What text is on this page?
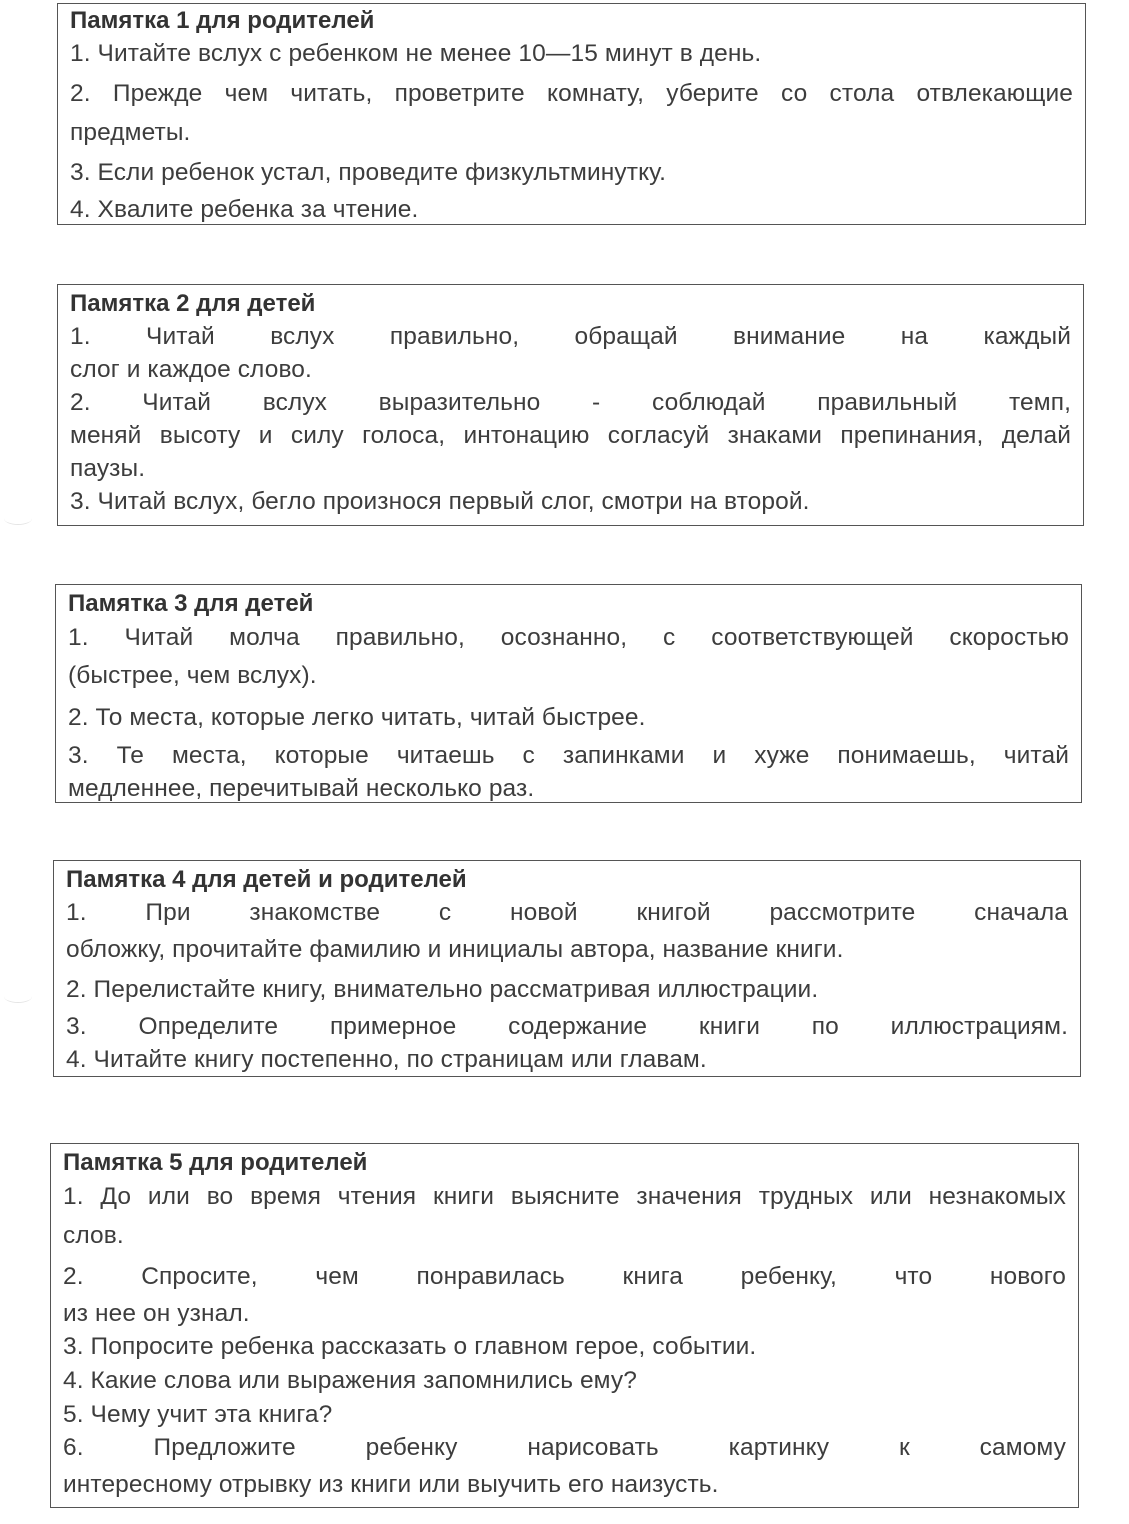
Памятка 1 для родителей

1. Читайте вслух с ребенком не менее 10—15 минут в день.

2. Прежде чем читать, проветрите комнату, уберите со стола отвлекающие

предметы.

3. Если ребенок устал, проведите физкультминутку.

4. Хвалите ребенка за чтение.

Памятка 2 для детей

1. Читай вслух правильно, обращай внимание на каждый

слог и каждое слово.

2. Читай вслух выразительно - соблюдай правильный темп,

меняй высоту и силу голоса, интонацию согласуй знаками препинания, делай

паузы.

3. Читай вслух, бегло произнося первый слог, смотри на второй.

Памятка 3 для детей

1. Читай молча правильно, осознанно, с соответствующей скоростью

(быстрее, чем вслух).

2. То места, которые легко читать, читай быстрее.

3. Те места, которые читаешь с запинками и хуже понимаешь, читай

медленнее, перечитывай несколько раз.

Памятка 4 для детей и родителей

1. При знакомстве с новой книгой рассмотрите сначала

обложку, прочитайте фамилию и инициалы автора, название книги.

2. Перелистайте книгу, внимательно рассматривая иллюстрации.

3. Определите примерное содержание книги по иллюстрациям.

4. Читайте книгу постепенно, по страницам или главам.

Памятка 5 для родителей

1. До или во время чтения книги выясните значения трудных или незнакомых

слов.

2. Спросите, чем понравилась книга ребенку, что нового

из нее он узнал.

3. Попросите ребенка рассказать о главном герое, событии.

4. Какие слова или выражения запомнились ему?

5. Чему учит эта книга?

6. Предложите ребенку нарисовать картинку к самому

интересному отрывку из книги или выучить его наизусть.
